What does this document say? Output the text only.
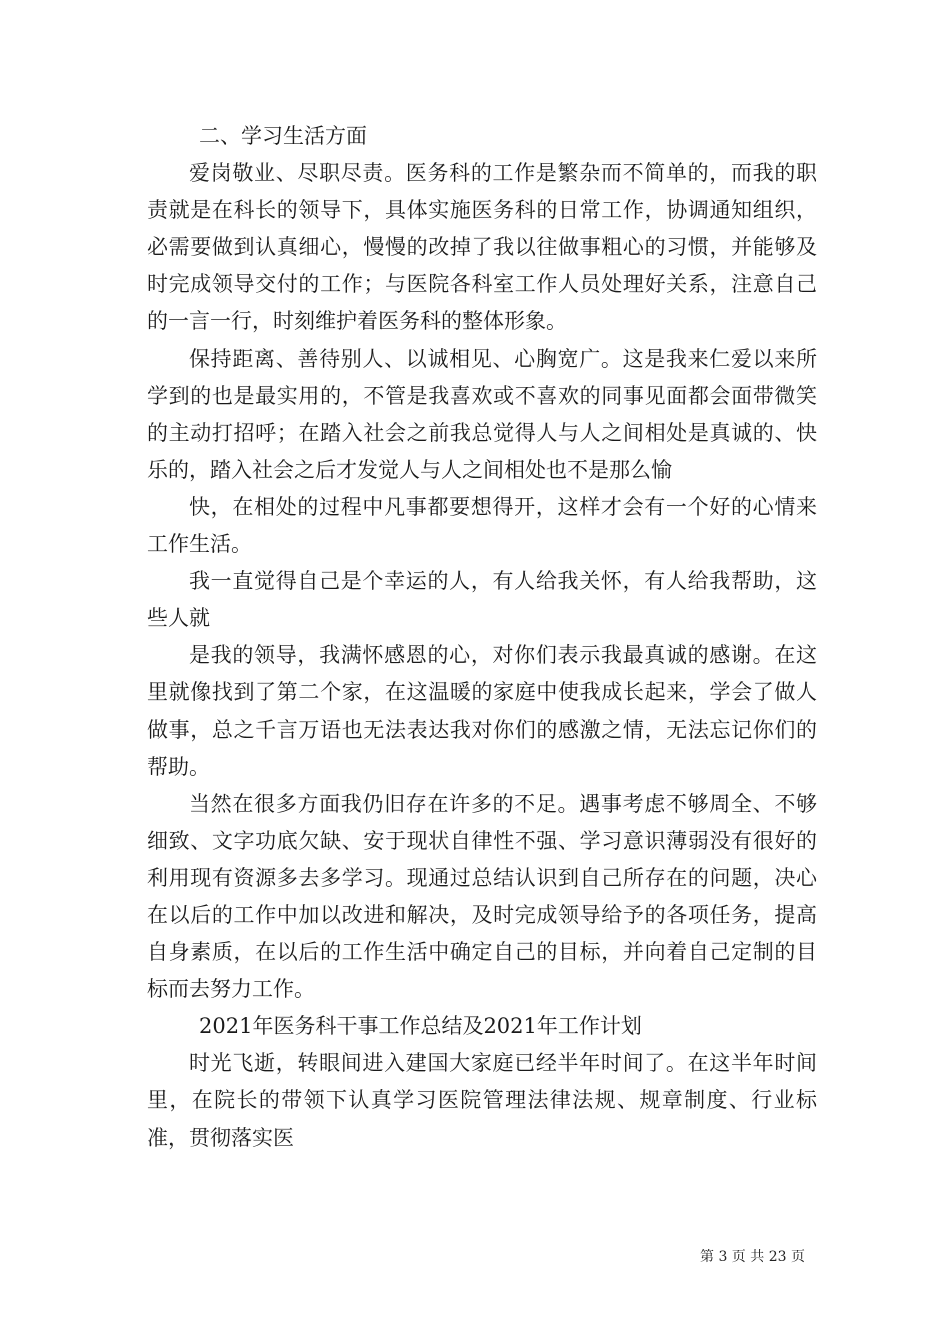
二、学习生活方面

爱岗敬业、尽职尽责。医务科的工作是繁杂而不简单的，而我的职责就是在科长的领导下，具体实施医务科的日常工作，协调通知组织，必需要做到认真细心，慢慢的改掉了我以往做事粗心的习惯，并能够及时完成领导交付的工作；与医院各科室工作人员处理好关系，注意自己的一言一行，时刻维护着医务科的整体形象。

保持距离、善待别人、以诚相见、心胸宽广。这是我来仁爱以来所学到的也是最实用的，不管是我喜欢或不喜欢的同事见面都会面带微笑的主动打招呼；在踏入社会之前我总觉得人与人之间相处是真诚的、快乐的，踏入社会之后才发觉人与人之间相处也不是那么愉

快，在相处的过程中凡事都要想得开，这样才会有一个好的心情来工作生活。

我一直觉得自己是个幸运的人，有人给我关怀，有人给我帮助，这些人就

是我的领导，我满怀感恩的心，对你们表示我最真诚的感谢。在这里就像找到了第二个家，在这温暖的家庭中使我成长起来，学会了做人做事，总之千言万语也无法表达我对你们的感激之情，无法忘记你们的帮助。

当然在很多方面我仍旧存在许多的不足。遇事考虑不够周全、不够细致、文字功底欠缺、安于现状自律性不强、学习意识薄弱没有很好的利用现有资源多去多学习。现通过总结认识到自己所存在的问题，决心在以后的工作中加以改进和解决，及时完成领导给予的各项任务，提高自身素质，在以后的工作生活中确定自己的目标，并向着自己定制的目标而去努力工作。

2021年医务科干事工作总结及2021年工作计划

时光飞逝，转眼间进入建国大家庭已经半年时间了。在这半年时间里，在院长的带领下认真学习医院管理法律法规、规章制度、行业标准，贯彻落实医

第 3 页 共 23 页
